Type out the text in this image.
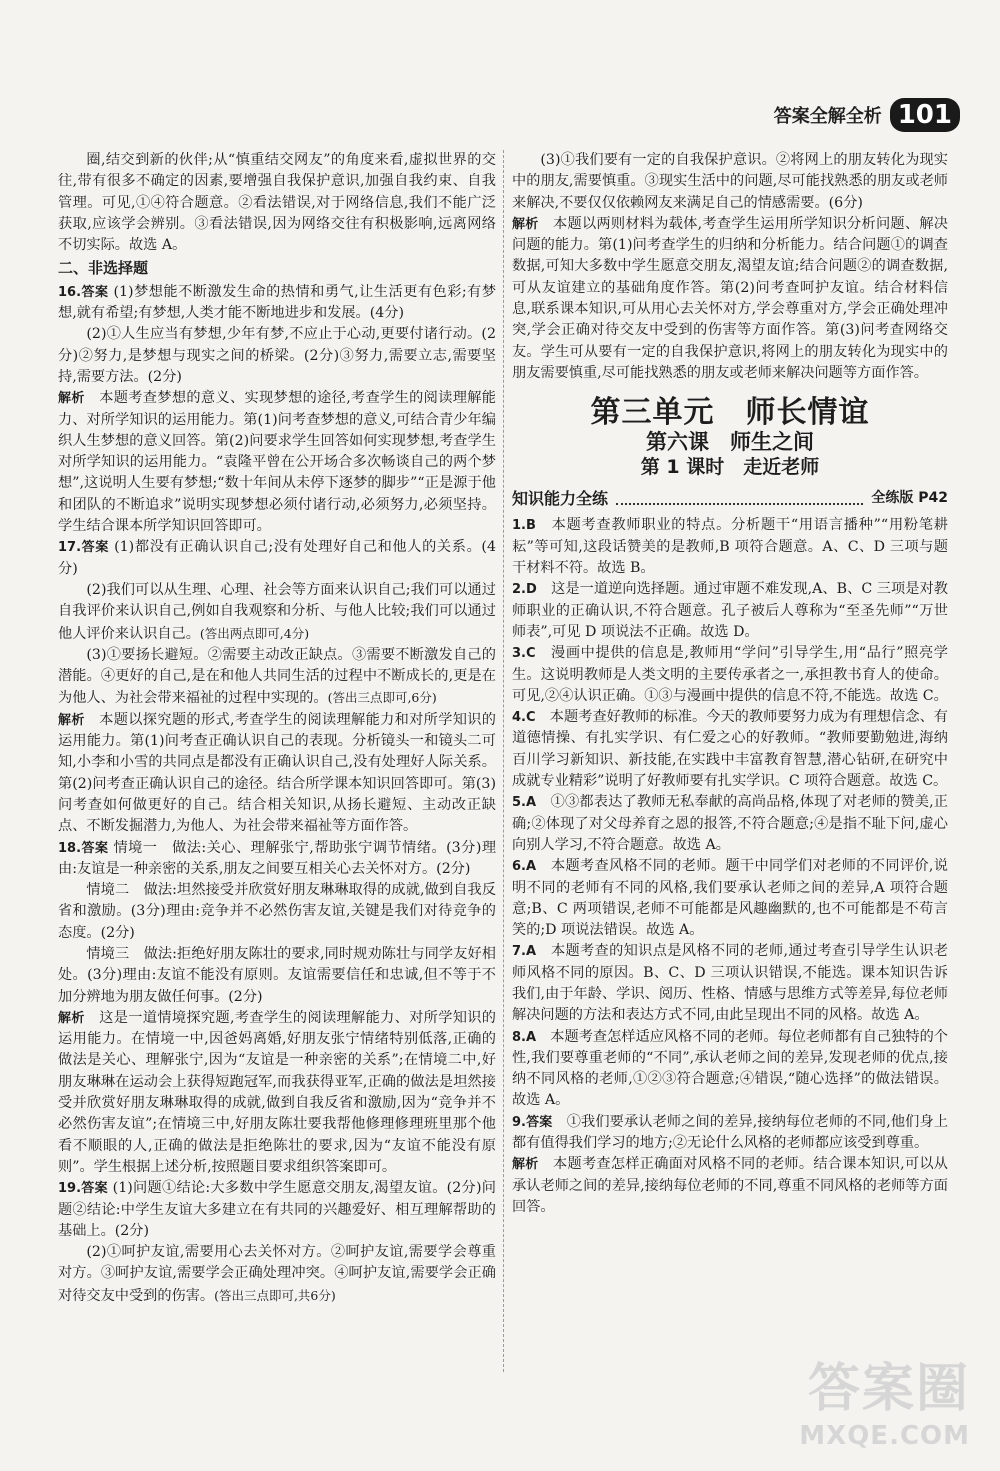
答案全解全析 101

圈,结交到新的伙伴;从“慎重结交网友”的角度来看,虚拟世界的交往,带有很多不确定的因素,要增强自我保护意识,加强自我约束、自我管理。可见,①④符合题意。②看法错误,对于网络信息,我们不能广泛获取,应该学会辨别。③看法错误,因为网络交往有积极影响,远离网络不切实际。故选 A。

二、非选择题

16.答案 (1)梦想能不断激发生命的热情和勇气,让生活更有色彩;有梦想,就有希望;有梦想,人类才能不断地进步和发展。(4分)

(2)①人生应当有梦想,少年有梦,不应止于心动,更要付诸行动。(2分)②努力,是梦想与现实之间的桥梁。(2分)③努力,需要立志,需要坚持,需要方法。(2分)

解析　 本题考查梦想的意义、实现梦想的途径,考查学生的阅读理解能力、对所学知识的运用能力。第(1)问考查梦想的意义,可结合青少年编织人生梦想的意义回答。第(2)问要求学生回答如何实现梦想,考查学生对所学知识的运用能力。“袁隆平曾在公开场合多次畅谈自己的两个梦想”,这说明人生要有梦想;“数十年间从未停下逐梦的脚步”“正是源于他和团队的不断追求”说明实现梦想必须付诸行动,必须努力,必须坚持。学生结合课本所学知识回答即可。

17.答案 (1)都没有正确认识自己;没有处理好自己和他人的关系。(4分)

(2)我们可以从生理、心理、社会等方面来认识自己;我们可以通过自我评价来认识自己,例如自我观察和分析、与他人比较;我们可以通过他人评价来认识自己。(答出两点即可,4分)

(3)①要扬长避短。②需要主动改正缺点。③需要不断激发自己的潜能。④更好的自己,是在和他人共同生活的过程中不断成长的,更是在为他人、为社会带来福祉的过程中实现的。(答出三点即可,6分)

解析　 本题以探究题的形式,考查学生的阅读理解能力和对所学知识的运用能力。第(1)问考查正确认识自己的表现。分析镜头一和镜头二可知,小李和小雪的共同点是都没有正确认识自己,没有处理好人际关系。第(2)问考查正确认识自己的途径。结合所学课本知识回答即可。第(3)问考查如何做更好的自己。结合相关知识,从扬长避短、主动改正缺点、不断发掘潜力,为他人、为社会带来福祉等方面作答。

18.答案 情境一　做法:关心、理解张宁,帮助张宁调节情绪。(3分)理由:友谊是一种亲密的关系,朋友之间要互相关心去关怀对方。(2分)

情境二　做法:坦然接受并欣赏好朋友琳琳取得的成就,做到自我反省和激励。(3分)理由:竞争并不必然伤害友谊,关键是我们对待竞争的态度。(2分)

情境三　做法:拒绝好朋友陈壮的要求,同时规劝陈壮与同学友好相处。(3分)理由:友谊不能没有原则。友谊需要信任和忠诚,但不等于不加分辨地为朋友做任何事。(2分)

解析　 这是一道情境探究题,考查学生的阅读理解能力、对所学知识的运用能力。在情境一中,因爸妈离婚,好朋友张宁情绪特别低落,正确的做法是关心、理解张宁,因为“友谊是一种亲密的关系”;在情境二中,好朋友琳琳在运动会上获得短跑冠军,而我获得亚军,正确的做法是坦然接受并欣赏好朋友琳琳取得的成就,做到自我反省和激励,因为“竞争并不必然伤害友谊”;在情境三中,好朋友陈壮要我帮他修理修理班里那个他看不顺眼的人,正确的做法是拒绝陈壮的要求,因为“友谊不能没有原则”。学生根据上述分析,按照题目要求组织答案即可。

19.答案 (1)问题①结论:大多数中学生愿意交朋友,渴望友谊。(2分)问题②结论:中学生友谊大多建立在有共同的兴趣爱好、相互理解帮助的基础上。(2分)

(2)①呵护友谊,需要用心去关怀对方。②呵护友谊,需要学会尊重对方。③呵护友谊,需要学会正确处理冲突。④呵护友谊,需要学会正确对待交友中受到的伤害。(答出三点即可,共6分)

(3)①我们要有一定的自我保护意识。②将网上的朋友转化为现实中的朋友,需要慎重。③现实生活中的问题,尽可能找熟悉的朋友或老师来解决,不要仅仅依赖网友来满足自己的情感需要。(6分)

解析　 本题以两则材料为载体,考查学生运用所学知识分析问题、解决问题的能力。第(1)问考查学生的归纳和分析能力。结合问题①的调查数据,可知大多数中学生愿意交朋友,渴望友谊;结合问题②的调查数据,可从友谊建立的基础角度作答。第(2)问考查呵护友谊。结合材料信息,联系课本知识,可从用心去关怀对方,学会尊重对方,学会正确处理冲突,学会正确对待交友中受到的伤害等方面作答。第(3)问考查网络交友。学生可从要有一定的自我保护意识,将网上的朋友转化为现实中的朋友需要慎重,尽可能找熟悉的朋友或老师来解决问题等方面作答。

第三单元　师长情谊
第六课　师生之间
第 1 课时　走近老师
知识能力全练	全练版 P42

1.B　 本题考查教师职业的特点。分析题干“用语言播种”“用粉笔耕耘”等可知,这段话赞美的是教师,B 项符合题意。A、C、D 三项与题干材料不符。故选 B。

2.D　 这是一道逆向选择题。通过审题不难发现,A、B、C 三项是对教师职业的正确认识,不符合题意。孔子被后人尊称为“至圣先师”“万世师表”,可见 D 项说法不正确。故选 D。

3.C　 漫画中提供的信息是,教师用“学问”引导学生,用“品行”照亮学生。这说明教师是人类文明的主要传承者之一,承担教书育人的使命。可见,②④认识正确。①③与漫画中提供的信息不符,不能选。故选 C。

4.C　 本题考查好教师的标准。今天的教师要努力成为有理想信念、有道德情操、有扎实学识、有仁爱之心的好教师。“教师要勤勉进,海纳百川学习新知识、新技能,在实践中丰富教育智慧,潜心钻研,在研究中成就专业精彩”说明了好教师要有扎实学识。C 项符合题意。故选 C。

5.A　 ①③都表达了教师无私奉献的高尚品格,体现了对老师的赞美,正确;②体现了对父母养育之恩的报答,不符合题意;④是指不耻下问,虚心向别人学习,不符合题意。故选 A。

6.A　 本题考查风格不同的老师。题干中同学们对老师的不同评价,说明不同的老师有不同的风格,我们要承认老师之间的差异,A 项符合题意;B、C 两项错误,老师不可能都是风趣幽默的,也不可能都是不苟言笑的;D 项说法错误。故选 A。

7.A　 本题考查的知识点是风格不同的老师,通过考查引导学生认识老师风格不同的原因。B、C、D 三项认识错误,不能选。课本知识告诉我们,由于年龄、学识、阅历、性格、情感与思维方式等差异,每位老师解决问题的方法和表达方式不同,由此呈现出不同的风格。故选 A。

8.A　 本题考查怎样适应风格不同的老师。每位老师都有自己独特的个性,我们要尊重老师的“不同”,承认老师之间的差异,发现老师的优点,接纳不同风格的老师,①②③符合题意;④错误,“随心选择”的做法错误。故选 A。

9.答案　 ①我们要承认老师之间的差异,接纳每位老师的不同,他们身上都有值得我们学习的地方;②无论什么风格的老师都应该受到尊重。

解析　 本题考查怎样正确面对风格不同的老师。结合课本知识,可以从承认老师之间的差异,接纳每位老师的不同,尊重不同风格的老师等方面回答。

答案圈
MXQE.COM
